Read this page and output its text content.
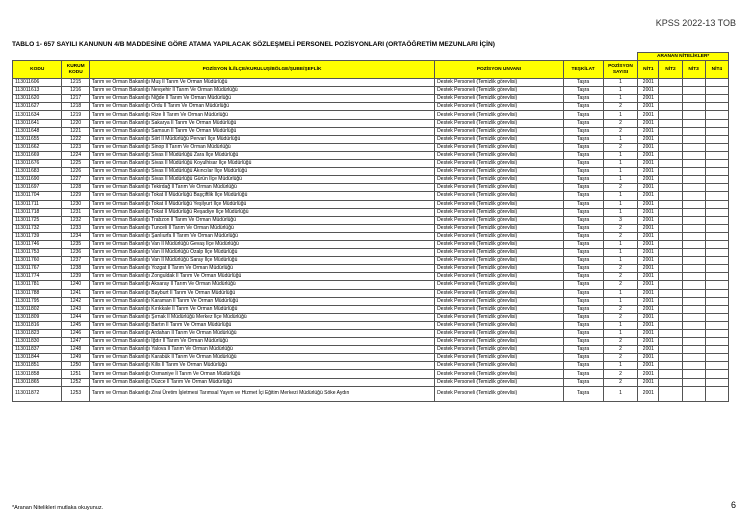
KPSS 2022-13 TOB
TABLO 1- 657 SAYILI KANUNUN 4/B MADDESİNE GÖRE ATAMA YAPILACAK SÖZLEŞMELİ PERSONEL POZİSYONLARI (ORTAÖĞRETİM MEZUNLARI İÇİN)
						ARANAN NİTELİKLER*			
KODU	KURUM KODU	POZİSYON İL/İLÇE/KURULUŞ/BÖLGE/ŞUBE/ŞEFLİK	POZİSYON UNVANI	TEŞKİLAT	POZİSYON SAYISI	NİT1	NİT2	NİT3	NİT4
113011606	1215	Tarım ve Orman Bakanlığı Muş İl Tarım Ve Orman Müdürlüğü	Destek Personeli (Temizlik görevlisi)	Taşra	1	2001			
113011613	1216	Tarım ve Orman Bakanlığı Nevşehir İl Tarım Ve Orman Müdürlüğü	Destek Personeli (Temizlik görevlisi)	Taşra	1	2001			
113011620	1217	Tarım ve Orman Bakanlığı Niğde İl Tarım Ve Orman Müdürlüğü	Destek Personeli (Temizlik görevlisi)	Taşra	1	2001			
113011627	1218	Tarım ve Orman Bakanlığı Ordu İl Tarım Ve Orman Müdürlüğü	Destek Personeli (Temizlik görevlisi)	Taşra	2	2001			
113011634	1219	Tarım ve Orman Bakanlığı Rize İl Tarım Ve Orman Müdürlüğü	Destek Personeli (Temizlik görevlisi)	Taşra	1	2001			
113011641	1220	Tarım ve Orman Bakanlığı Sakarya İl Tarım Ve Orman Müdürlüğü	Destek Personeli (Temizlik görevlisi)	Taşra	2	2001			
113011648	1221	Tarım ve Orman Bakanlığı Samsun İl Tarım Ve Orman Müdürlüğü	Destek Personeli (Temizlik görevlisi)	Taşra	2	2001			
113011655	1222	Tarım ve Orman Bakanlığı Siirt İl Müdürlüğü Pervari İlçe Müdürlüğü	Destek Personeli (Temizlik görevlisi)	Taşra	1	2001			
113011662	1223	Tarım ve Orman Bakanlığı Sinop İl Tarım Ve Orman Müdürlüğü	Destek Personeli (Temizlik görevlisi)	Taşra	2	2001			
113011669	1224	Tarım ve Orman Bakanlığı Sivas İl Müdürlüğü Zara İlçe Müdürlüğü	Destek Personeli (Temizlik görevlisi)	Taşra	1	2001			
113011676	1225	Tarım ve Orman Bakanlığı Sivas İl Müdürlüğü Koyulhisar İlçe Müdürlüğü	Destek Personeli (Temizlik görevlisi)	Taşra	1	2001			
113011683	1226	Tarım ve Orman Bakanlığı Sivas İl Müdürlüğü Akıncılar İlçe Müdürlüğü	Destek Personeli (Temizlik görevlisi)	Taşra	1	2001			
113011690	1227	Tarım ve Orman Bakanlığı Sivas İl Müdürlüğü Gürün İlçe Müdürlüğü	Destek Personeli (Temizlik görevlisi)	Taşra	1	2001			
113011697	1228	Tarım ve Orman Bakanlığı Tekirdağ İl Tarım Ve Orman Müdürlüğü	Destek Personeli (Temizlik görevlisi)	Taşra	2	2001			
113011704	1229	Tarım ve Orman Bakanlığı Tokat İl Müdürlüğü Başçiftlik İlçe Müdürlüğü	Destek Personeli (Temizlik görevlisi)	Taşra	1	2001			
113011711	1230	Tarım ve Orman Bakanlığı Tokat İl Müdürlüğü Yeşilyurt İlçe Müdürlüğü	Destek Personeli (Temizlik görevlisi)	Taşra	1	2001			
113011718	1231	Tarım ve Orman Bakanlığı Tokat İl Müdürlüğü Reşadiye İlçe Müdürlüğü	Destek Personeli (Temizlik görevlisi)	Taşra	1	2001			
113011725	1232	Tarım ve Orman Bakanlığı Trabzon İl Tarım Ve Orman Müdürlüğü	Destek Personeli (Temizlik görevlisi)	Taşra	3	2001			
113011732	1233	Tarım ve Orman Bakanlığı Tunceli İl Tarım Ve Orman Müdürlüğü	Destek Personeli (Temizlik görevlisi)	Taşra	2	2001			
113011739	1234	Tarım ve Orman Bakanlığı Şanlıurfa İl Tarım Ve Orman Müdürlüğü	Destek Personeli (Temizlik görevlisi)	Taşra	2	2001			
113011746	1235	Tarım ve Orman Bakanlığı Van İl Müdürlüğü Gevaş İlçe Müdürlüğü	Destek Personeli (Temizlik görevlisi)	Taşra	1	2001			
113011753	1236	Tarım ve Orman Bakanlığı Van İl Müdürlüğü Özalp İlçe Müdürlüğü	Destek Personeli (Temizlik görevlisi)	Taşra	1	2001			
113011760	1237	Tarım ve Orman Bakanlığı Van İl Müdürlüğü Saray İlçe Müdürlüğü	Destek Personeli (Temizlik görevlisi)	Taşra	1	2001			
113011767	1238	Tarım ve Orman Bakanlığı Yozgat İl Tarım Ve Orman Müdürlüğü	Destek Personeli (Temizlik görevlisi)	Taşra	2	2001			
113011774	1239	Tarım ve Orman Bakanlığı Zonguldak İl Tarım Ve Orman Müdürlüğü	Destek Personeli (Temizlik görevlisi)	Taşra	2	2001			
113011781	1240	Tarım ve Orman Bakanlığı Aksaray İl Tarım Ve Orman Müdürlüğü	Destek Personeli (Temizlik görevlisi)	Taşra	2	2001			
113011788	1241	Tarım ve Orman Bakanlığı Bayburt İl Tarım Ve Orman Müdürlüğü	Destek Personeli (Temizlik görevlisi)	Taşra	1	2001			
113011795	1242	Tarım ve Orman Bakanlığı Karaman İl Tarım Ve Orman Müdürlüğü	Destek Personeli (Temizlik görevlisi)	Taşra	1	2001			
113011802	1243	Tarım ve Orman Bakanlığı Kırıkkale İl Tarım Ve Orman Müdürlüğü	Destek Personeli (Temizlik görevlisi)	Taşra	2	2001			
113011809	1244	Tarım ve Orman Bakanlığı Şırnak İl Müdürlüğü Merkez İlçe Müdürlüğü	Destek Personeli (Temizlik görevlisi)	Taşra	2	2001			
113011816	1245	Tarım ve Orman Bakanlığı Bartın İl Tarım Ve Orman Müdürlüğü	Destek Personeli (Temizlik görevlisi)	Taşra	1	2001			
113011823	1246	Tarım ve Orman Bakanlığı Ardahan İl Tarım Ve Orman Müdürlüğü	Destek Personeli (Temizlik görevlisi)	Taşra	1	2001			
113011830	1247	Tarım ve Orman Bakanlığı Iğdır İl Tarım Ve Orman Müdürlüğü	Destek Personeli (Temizlik görevlisi)	Taşra	2	2001			
113011837	1248	Tarım ve Orman Bakanlığı Yalova İl Tarım Ve Orman Müdürlüğü	Destek Personeli (Temizlik görevlisi)	Taşra	2	2001			
113011844	1249	Tarım ve Orman Bakanlığı Karabük İl Tarım Ve Orman Müdürlüğü	Destek Personeli (Temizlik görevlisi)	Taşra	2	2001			
113011851	1250	Tarım ve Orman Bakanlığı Kilis İl Tarım Ve Orman Müdürlüğü	Destek Personeli (Temizlik görevlisi)	Taşra	1	2001			
113011858	1251	Tarım ve Orman Bakanlığı Osmaniye İl Tarım Ve Orman Müdürlüğü	Destek Personeli (Temizlik görevlisi)	Taşra	2	2001			
113011865	1252	Tarım ve Orman Bakanlığı Düzce İl Tarım Ve Orman Müdürlüğü	Destek Personeli (Temizlik görevlisi)	Taşra	2	2001			
113011872	1253	Tarım ve Orman Bakanlığı Zirai Üretim İşletmesi Tarımsal Yayım ve Hizmet İçi Eğitim Merkezi Müdürlüğü Söke Aydın	Destek Personeli (Temizlik görevlisi)	Taşra	1	2001			
*Aranan Nitelikleri mutlaka okuyunuz.	6
